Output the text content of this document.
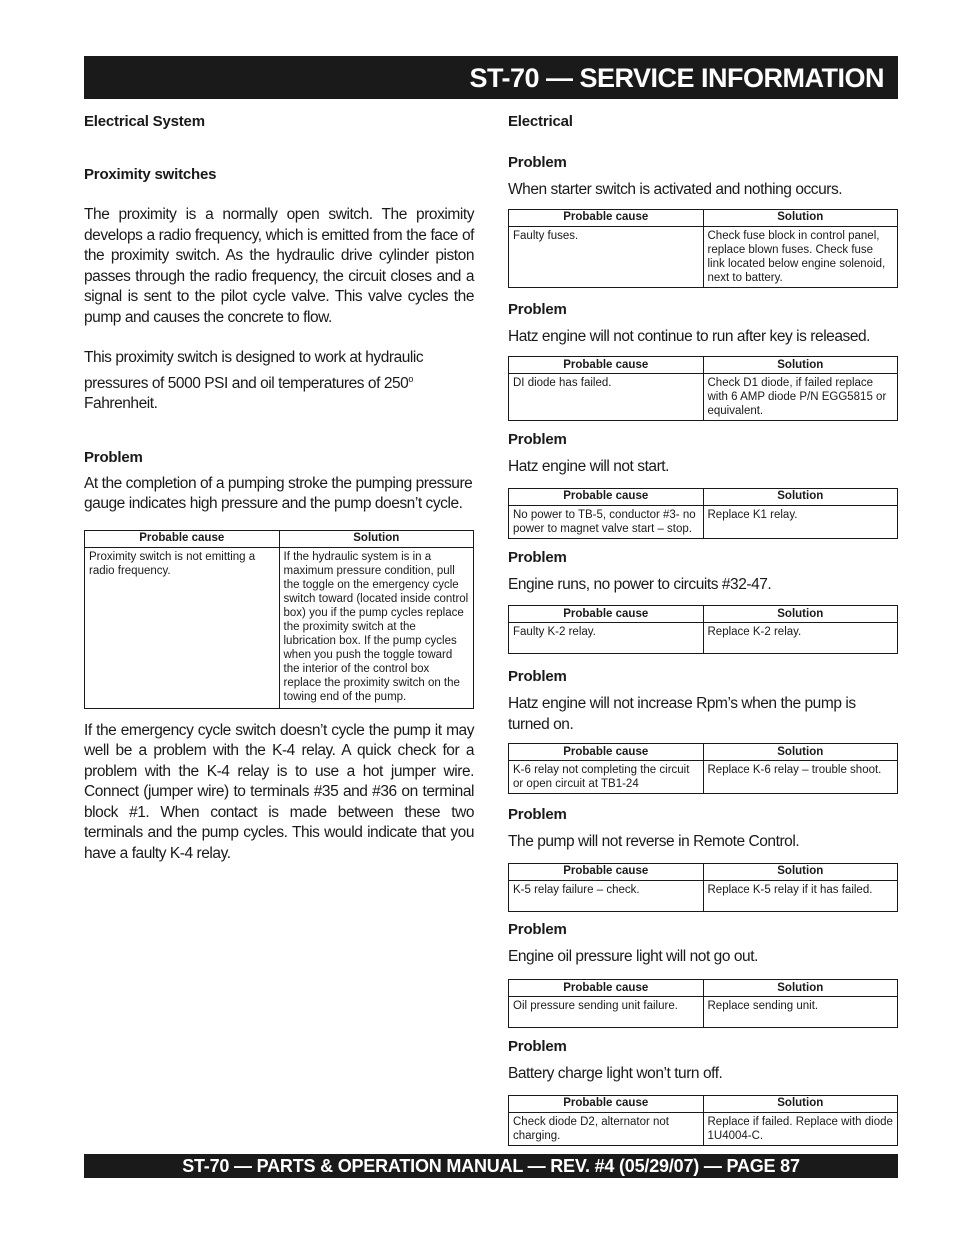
ST-70 — SERVICE INFORMATION
Electrical System
Proximity switches

The proximity is a normally open switch. The proximity develops a radio frequency, which is emitted from the face of the proximity switch. As the hydraulic drive cylinder piston passes through the radio frequency, the circuit closes and a signal is sent to the pilot cycle valve. This valve cycles the pump and causes the concrete to flow.

This proximity switch is designed to work at hydraulic pressures of 5000 PSI and oil temperatures of 250$^o$ Fahrenheit.

Problem

At the completion of a pumping stroke the pumping pressure gauge indicates high pressure and the pump doesn’t cycle.

Probable cause	Solution
Proximity switch is not emitting a radio frequency.	If the hydraulic system is in a maximum pressure condition, pull the toggle on the emergency cycle switch toward (located inside control box) you if the pump cycles replace the proximity switch at the lubrication box. If the pump cycles when you push the toggle toward the interior of the control box replace the proximity switch on the towing end of the pump.

If the emergency cycle switch doesn’t cycle the pump it may well be a problem with the K-4 relay. A quick check for a problem with the K-4 relay is to use a hot jumper wire. Connect (jumper wire) to terminals #35 and #36 on terminal block #1. When contact is made between these two terminals and the pump cycles. This would indicate that you have a faulty K-4 relay.

Electrical
Problem

When starter switch is activated and nothing occurs.

Probable cause	Solution
Faulty fuses.	Check fuse block in control panel, replace blown fuses. Check fuse link located below engine solenoid, next to battery.
Problem

Hatz engine will not continue to run after key is released.

Probable cause	Solution
DI diode has failed.	Check D1 diode, if failed replace with 6 AMP diode P/N EGG5815 or equivalent.
Problem

Hatz engine will not start.

Probable cause	Solution
No power to TB-5, conductor #3- no power to magnet valve start – stop.	Replace K1 relay.
Problem

Engine runs, no power to circuits #32-47.

Probable cause	Solution
Faulty K-2 relay.	Replace K-2 relay.
Problem

Hatz engine will not increase Rpm’s when the pump is turned on.

Probable cause	Solution
K-6 relay not completing the circuit or open circuit at TB1-24	Replace K-6 relay – trouble shoot.
Problem

The pump will not reverse in Remote Control.

Probable cause	Solution
K-5 relay failure – check.	Replace K-5 relay if it has failed.
Problem

Engine oil pressure light will not go out.

Probable cause	Solution
Oil pressure sending unit failure.	Replace sending unit.
Problem

Battery charge light won’t turn off.

Probable cause	Solution
Check diode D2, alternator not charging.	Replace if failed. Replace with diode 1U4004-C.
ST-70 — PARTS & OPERATION MANUAL — REV. #4 (05/29/07) — PAGE 87
